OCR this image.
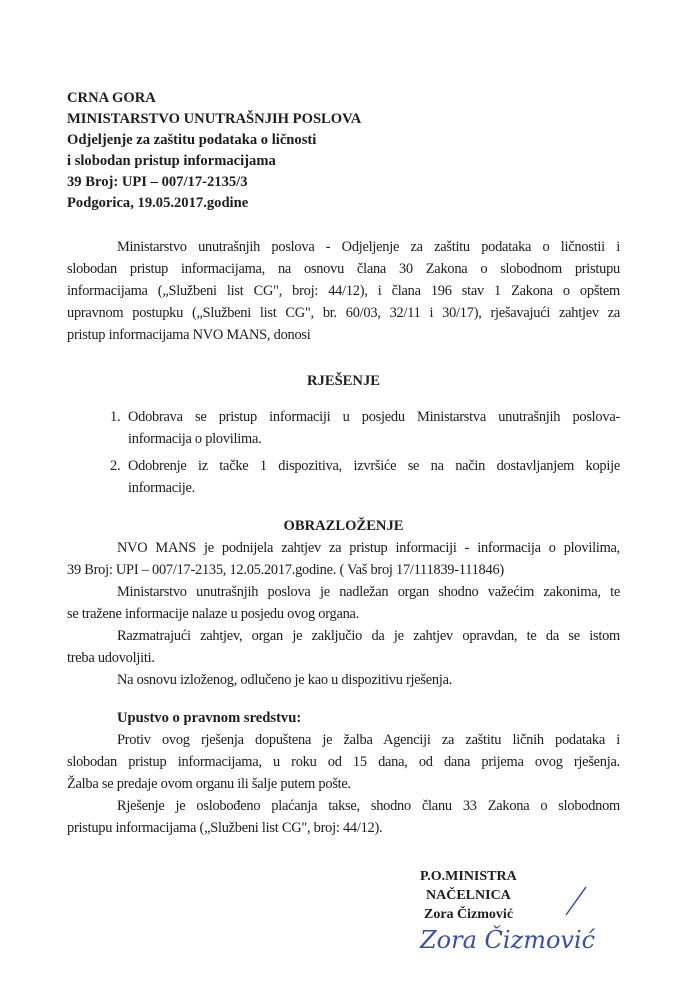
CRNA GORA
MINISTARSTVO UNUTRAŠNJIH POSLOVA
Odjeljenje za zaštitu podataka o ličnosti
i slobodan pristup informacijama
39 Broj: UPI – 007/17-2135/3
Podgorica, 19.05.2017.godine
Ministarstvo unutrašnjih poslova - Odjeljenje za zaštitu podataka o ličnostii i
slobodan pristup informacijama, na osnovu člana 30 Zakona o slobodnom pristupu
informacijama („Službeni list CG", broj: 44/12), i člana 196 stav 1 Zakona o opštem
upravnom postupku („Službeni list CG", br. 60/03, 32/11 i 30/17), rješavajući zahtjev za
pristup informacijama NVO MANS, donosi
RJEŠENJE
1. Odobrava se pristup informaciji u posjedu Ministarstva unutrašnjih poslova-
informacija o plovilima.
2. Odobrenje iz tačke 1 dispozitiva, izvršiće se na način dostavljanjem kopije
informacije.
OBRAZLOŽENJE
NVO MANS je podnijela zahtjev za pristup informaciji - informacija o plovilima,
39 Broj: UPI – 007/17-2135, 12.05.2017.godine. ( Vaš broj 17/111839-111846)
Ministarstvo unutrašnjih poslova je nadležan organ shodno važećim zakonima, te
se tražene informacije nalaze u posjedu ovog organa.
Razmatrajući zahtjev, organ je zaključio da je zahtjev opravdan, te da se istom
treba udovoljiti.
Na osnovu izloženog, odlučeno je kao u dispozitivu rješenja.
Upustvo o pravnom sredstvu:
Protiv ovog rješenja dopuštena je žalba Agenciji za zaštitu ličnih podataka i
slobodan pristup informacijama, u roku od 15 dana, od dana prijema ovog rješenja.
Žalba se predaje ovom organu ili šalje putem pošte.
Rješenje je oslobođeno plaćanja takse, shodno članu 33 Zakona o slobodnom
pristupu informacijama („Službeni list CG", broj: 44/12).
P.O.MINISTRA
NAČELNICA
Zora Čizmović
Zora Čizmović
